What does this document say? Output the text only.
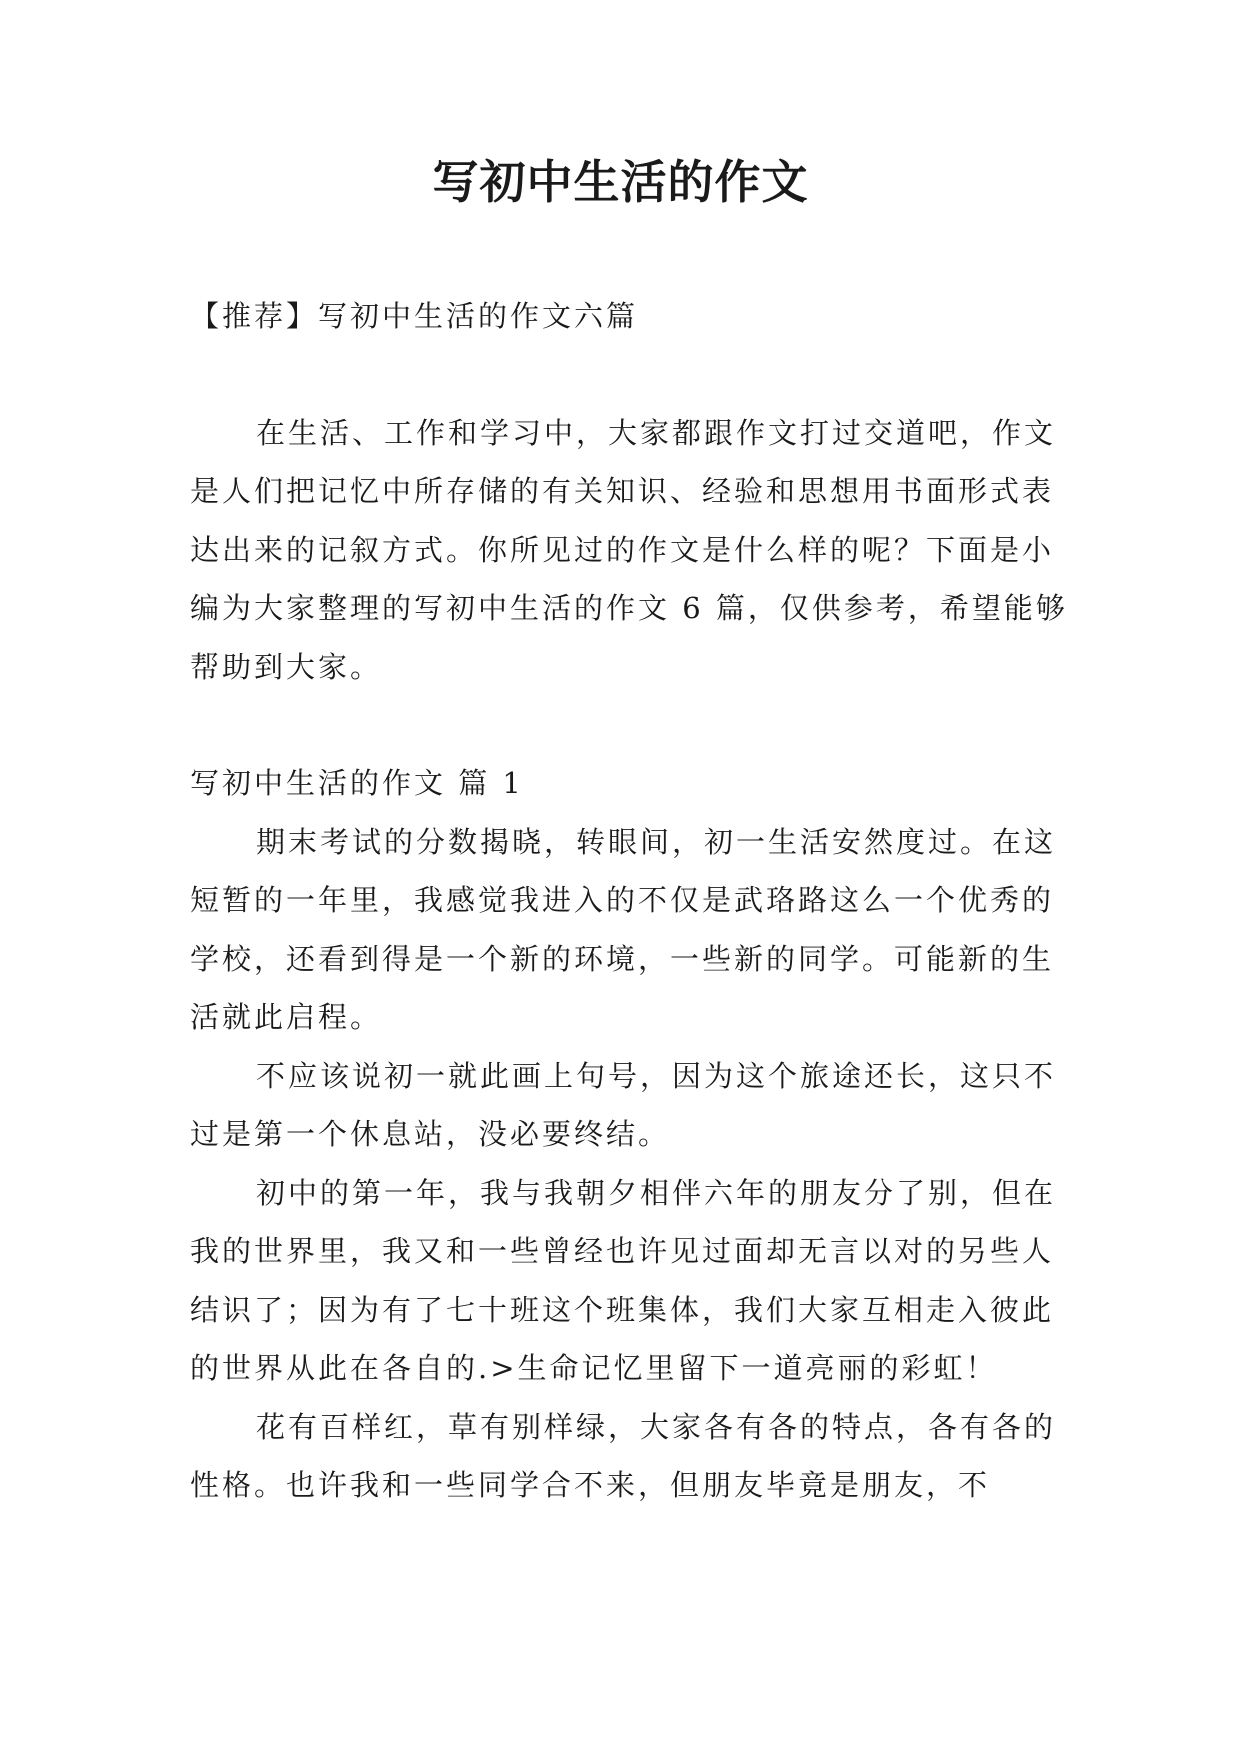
写初中生活的作文

【推荐】写初中生活的作文六篇

在生活、工作和学习中，大家都跟作文打过交道吧，作文是人们把记忆中所存储的有关知识、经验和思想用书面形式表达出来的记叙方式。你所见过的作文是什么样的呢？下面是小编为大家整理的写初中生活的作文 6 篇，仅供参考，希望能够帮助到大家。

写初中生活的作文 篇 1

期末考试的分数揭晓，转眼间，初一生活安然度过。在这短暂的一年里，我感觉我进入的不仅是武珞路这么一个优秀的学校，还看到得是一个新的环境，一些新的同学。可能新的生活就此启程。

不应该说初一就此画上句号，因为这个旅途还长，这只不过是第一个休息站，没必要终结。

初中的第一年，我与我朝夕相伴六年的朋友分了别，但在我的世界里，我又和一些曾经也许见过面却无言以对的另些人结识了；因为有了七十班这个班集体，我们大家互相走入彼此的世界从此在各自的.>生命记忆里留下一道亮丽的彩虹！

花有百样红，草有别样绿，大家各有各的特点，各有各的性格。也许我和一些同学合不来，但朋友毕竟是朋友，不
